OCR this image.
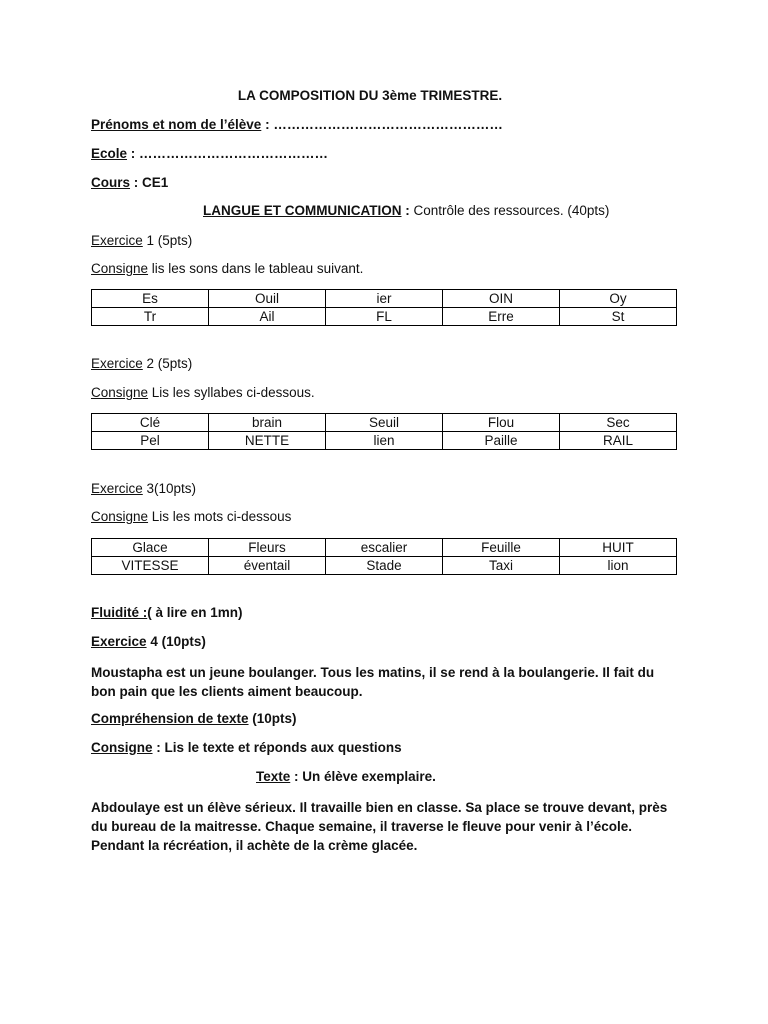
LA COMPOSITION DU 3ème TRIMESTRE.
Prénoms et nom de l’élève : ……………………………………………
Ecole : ……………………………………
Cours : CE1
LANGUE ET COMMUNICATION : Contrôle des ressources. (40pts)
Exercice 1 (5pts)
Consigne lis les sons dans le tableau suivant.
Es	Ouil	ier	OIN	Oy
Tr	Ail	FL	Erre	St
Exercice 2 (5pts)
Consigne Lis les syllabes ci-dessous.
Clé	brain	Seuil	Flou	Sec
Pel	NETTE	lien	Paille	RAIL
Exercice 3(10pts)
Consigne Lis les mots ci-dessous
Glace	Fleurs	escalier	Feuille	HUIT
VITESSE	éventail	Stade	Taxi	lion
Fluidité :( à lire en 1mn)
Exercice 4 (10pts)
Moustapha est un jeune boulanger. Tous les matins, il se rend à la boulangerie. Il fait du bon pain que les clients aiment beaucoup.
Compréhension de texte (10pts)
Consigne : Lis le texte et réponds aux questions
Texte : Un élève exemplaire.
Abdoulaye est un élève sérieux. Il travaille bien en classe. Sa place se trouve devant, près du bureau de la maitresse. Chaque semaine, il traverse le fleuve pour venir à l’école. Pendant la récréation, il achète de la crème glacée.
